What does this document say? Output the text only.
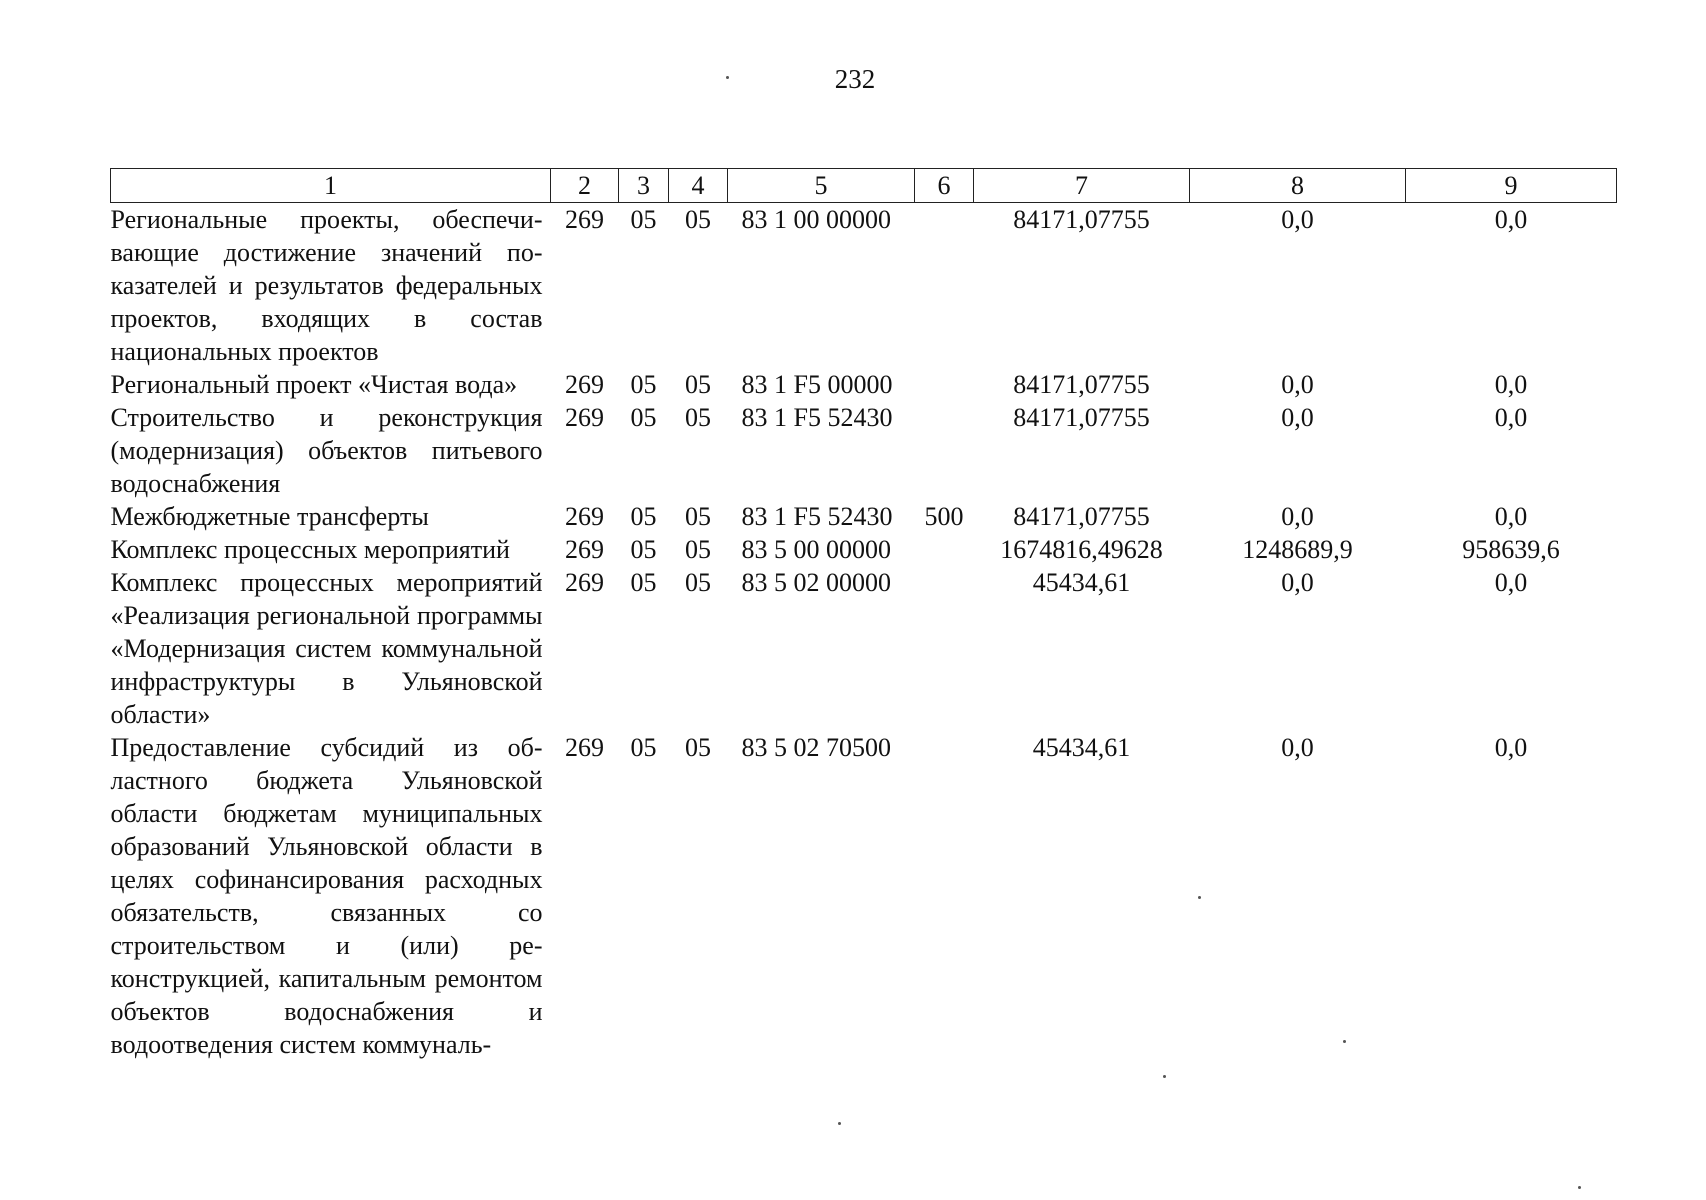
232
1	2	3	4	5	6	7	8	9
Региональные проекты, обеспечивающие достижение значений показателей и результатов федеральных проектов, входящих в состав национальных проектов	269	05	05	83 1 00 00000		84171,07755	0,0	0,0
Региональный проект «Чистая вода»	269	05	05	83 1 F5 00000		84171,07755	0,0	0,0
Строительство и реконструкция (модернизация) объектов питьевого водоснабжения	269	05	05	83 1 F5 52430		84171,07755	0,0	0,0
Межбюджетные трансферты	269	05	05	83 1 F5 52430	500	84171,07755	0,0	0,0
Комплекс процессных мероприятий	269	05	05	83 5 00 00000		1674816,49628	1248689,9	958639,6
Комплекс процессных мероприятий «Реализация региональной программы «Модернизация систем коммунальной инфраструктуры в Ульяновской области»	269	05	05	83 5 02 00000		45434,61	0,0	0,0
Предоставление субсидий из областного бюджета Ульяновской области бюджетам муниципальных образований Ульяновской области в целях софинансирования расходных обязательств, связанных со строительством и (или) реконструкцией, капитальным ремонтом объектов водоснабжения и водоотведения систем коммуналь-	269	05	05	83 5 02 70500		45434,61	0,0	0,0
